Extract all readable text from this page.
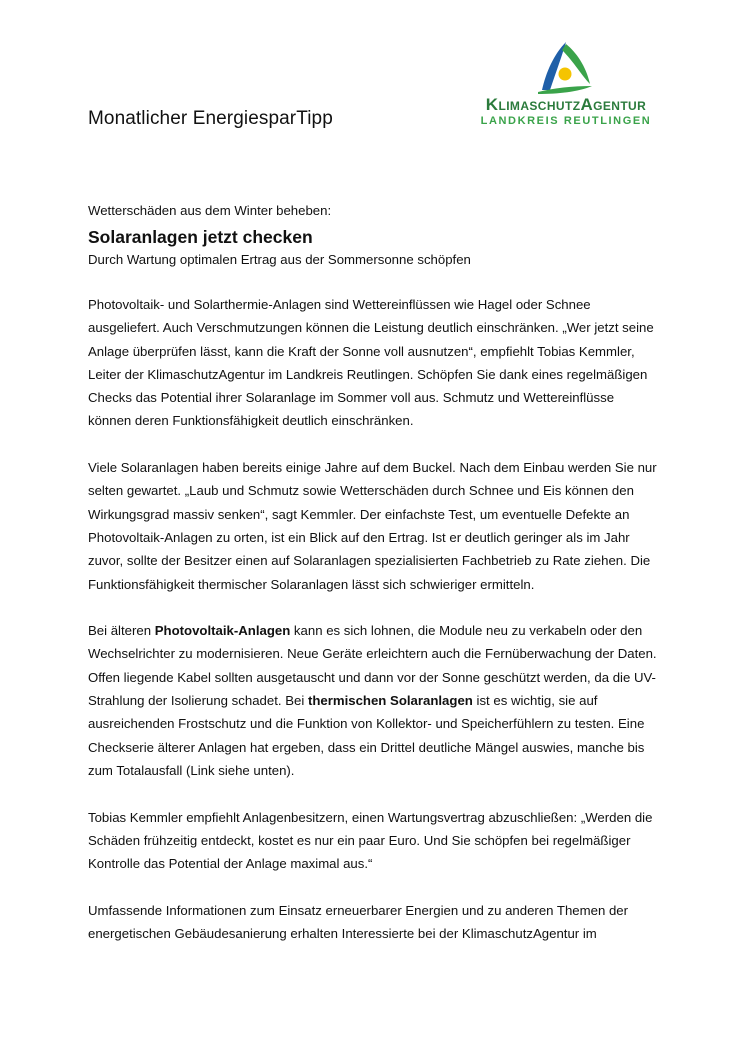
Monatlicher EnergiesparTipp
KlimaschutzAgentur
LANDKREIS REUTLINGEN

Wetterschäden aus dem Winter beheben:

Solaranlagen jetzt checken

Durch Wartung optimalen Ertrag aus der Sommersonne schöpfen

Photovoltaik- und Solarthermie-Anlagen sind Wettereinflüssen wie Hagel oder Schnee ausgeliefert. Auch Verschmutzungen können die Leistung deutlich einschränken. „Wer jetzt seine Anlage überprüfen lässt, kann die Kraft der Sonne voll ausnutzen“, empfiehlt Tobias Kemmler, Leiter der KlimaschutzAgentur im Landkreis Reutlingen. Schöpfen Sie dank eines regelmäßigen Checks das Potential ihrer Solaranlage im Sommer voll aus. Schmutz und Wettereinflüsse können deren Funktionsfähigkeit deutlich einschränken.

Viele Solaranlagen haben bereits einige Jahre auf dem Buckel. Nach dem Einbau werden Sie nur selten gewartet. „Laub und Schmutz sowie Wetterschäden durch Schnee und Eis können den Wirkungsgrad massiv senken“, sagt Kemmler. Der einfachste Test, um eventuelle Defekte an Photovoltaik-Anlagen zu orten, ist ein Blick auf den Ertrag. Ist er deutlich geringer als im Jahr zuvor, sollte der Besitzer einen auf Solaranlagen spezialisierten Fachbetrieb zu Rate ziehen. Die Funktionsfähigkeit thermischer Solaranlagen lässt sich schwieriger ermitteln.

Bei älteren Photovoltaik-Anlagen kann es sich lohnen, die Module neu zu verkabeln oder den Wechselrichter zu modernisieren. Neue Geräte erleichtern auch die Fernüberwachung der Daten. Offen liegende Kabel sollten ausgetauscht und dann vor der Sonne geschützt werden, da die UV-Strahlung der Isolierung schadet. Bei thermischen Solaranlagen ist es wichtig, sie auf ausreichenden Frostschutz und die Funktion von Kollektor- und Speicherfühlern zu testen. Eine Checkserie älterer Anlagen hat ergeben, dass ein Drittel deutliche Mängel auswies, manche bis zum Totalausfall (Link siehe unten).

Tobias Kemmler empfiehlt Anlagenbesitzern, einen Wartungsvertrag abzuschließen: „Werden die Schäden frühzeitig entdeckt, kostet es nur ein paar Euro. Und Sie schöpfen bei regelmäßiger Kontrolle das Potential der Anlage maximal aus.“

Umfassende Informationen zum Einsatz erneuerbarer Energien und zu anderen Themen der energetischen Gebäudesanierung erhalten Interessierte bei der KlimaschutzAgentur im
